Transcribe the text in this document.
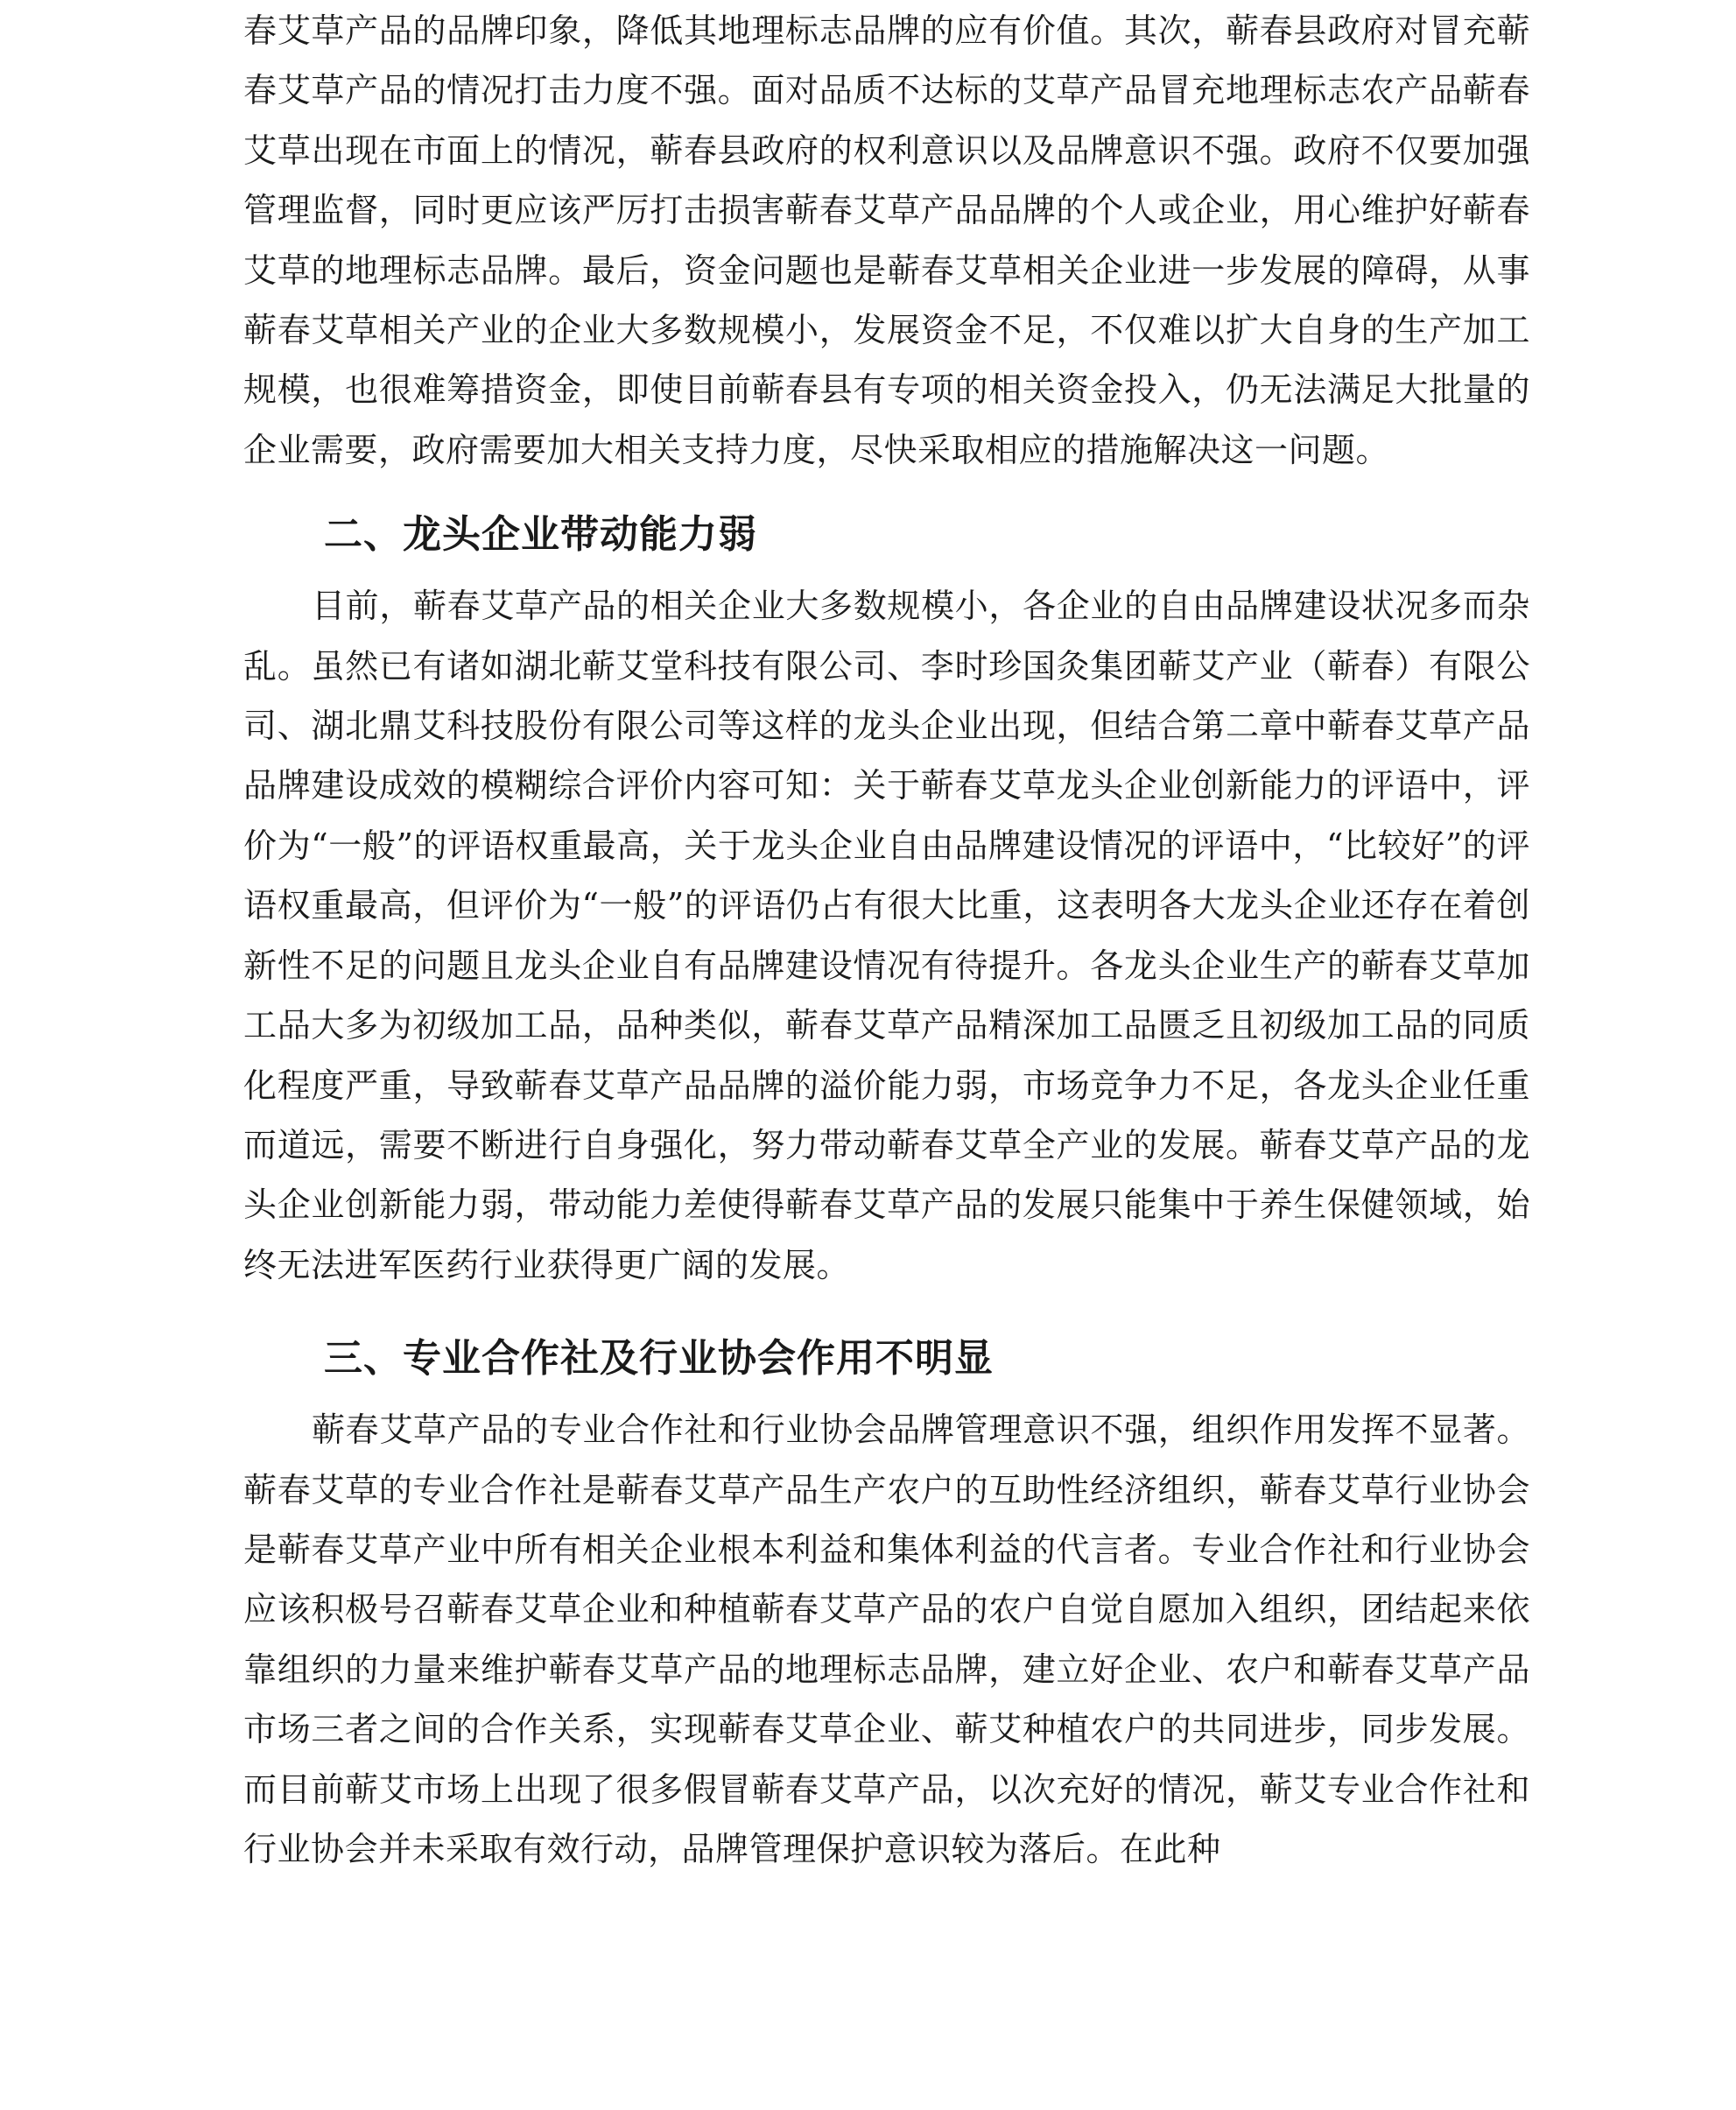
春艾草产品的品牌印象，降低其地理标志品牌的应有价值。其次，蕲春县政府对冒充蕲春艾草产品的情况打击力度不强。面对品质不达标的艾草产品冒充地理标志农产品蕲春艾草出现在市面上的情况，蕲春县政府的权利意识以及品牌意识不强。政府不仅要加强管理监督，同时更应该严厉打击损害蕲春艾草产品品牌的个人或企业，用心维护好蕲春艾草的地理标志品牌。最后，资金问题也是蕲春艾草相关企业进一步发展的障碍，从事蕲春艾草相关产业的企业大多数规模小，发展资金不足，不仅难以扩大自身的生产加工规模，也很难筹措资金，即使目前蕲春县有专项的相关资金投入，仍无法满足大批量的企业需要，政府需要加大相关支持力度，尽快采取相应的措施解决这一问题。

二、龙头企业带动能力弱

目前，蕲春艾草产品的相关企业大多数规模小，各企业的自由品牌建设状况多而杂乱。虽然已有诸如湖北蕲艾堂科技有限公司、李时珍国灸集团蕲艾产业（蕲春）有限公司、湖北鼎艾科技股份有限公司等这样的龙头企业出现，但结合第二章中蕲春艾草产品品牌建设成效的模糊综合评价内容可知：关于蕲春艾草龙头企业创新能力的评语中，评价为“一般”的评语权重最高，关于龙头企业自由品牌建设情况的评语中，“比较好”的评语权重最高，但评价为“一般”的评语仍占有很大比重，这表明各大龙头企业还存在着创新性不足的问题且龙头企业自有品牌建设情况有待提升。各龙头企业生产的蕲春艾草加工品大多为初级加工品，品种类似，蕲春艾草产品精深加工品匮乏且初级加工品的同质化程度严重，导致蕲春艾草产品品牌的溢价能力弱，市场竞争力不足，各龙头企业任重而道远，需要不断进行自身强化，努力带动蕲春艾草全产业的发展。蕲春艾草产品的龙头企业创新能力弱，带动能力差使得蕲春艾草产品的发展只能集中于养生保健领域，始终无法进军医药行业获得更广阔的发展。

三、专业合作社及行业协会作用不明显

蕲春艾草产品的专业合作社和行业协会品牌管理意识不强，组织作用发挥不显著。蕲春艾草的专业合作社是蕲春艾草产品生产农户的互助性经济组织，蕲春艾草行业协会是蕲春艾草产业中所有相关企业根本利益和集体利益的代言者。专业合作社和行业协会应该积极号召蕲春艾草企业和种植蕲春艾草产品的农户自觉自愿加入组织，团结起来依靠组织的力量来维护蕲春艾草产品的地理标志品牌，建立好企业、农户和蕲春艾草产品市场三者之间的合作关系，实现蕲春艾草企业、蕲艾种植农户的共同进步，同步发展。而目前蕲艾市场上出现了很多假冒蕲春艾草产品，以次充好的情况，蕲艾专业合作社和行业协会并未采取有效行动，品牌管理保护意识较为落后。在此种
